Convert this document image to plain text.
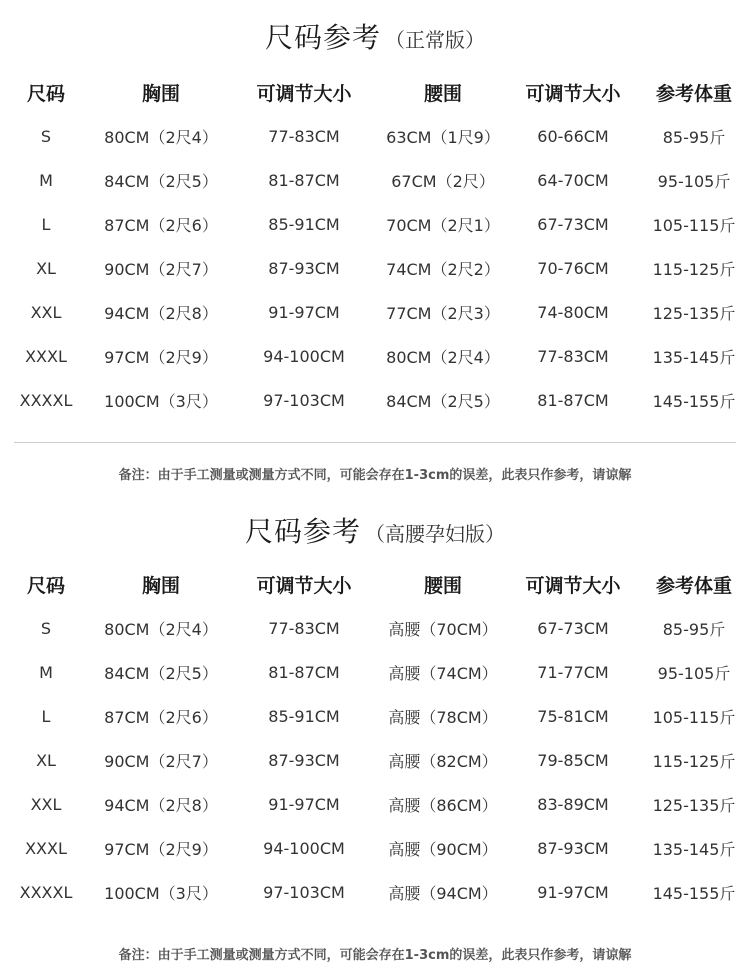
尺码参考 （正常版）
尺码	胸围	可调节大小	腰围	可调节大小	参考体重
S	80CM（2尺4）	77-83CM	63CM（1尺9）	60-66CM	85-95斤
M	84CM（2尺5）	81-87CM	67CM（2尺）	64-70CM	95-105斤
L	87CM（2尺6）	85-91CM	70CM（2尺1）	67-73CM	105-115斤
XL	90CM（2尺7）	87-93CM	74CM（2尺2）	70-76CM	115-125斤
XXL	94CM（2尺8）	91-97CM	77CM（2尺3）	74-80CM	125-135斤
XXXL	97CM（2尺9）	94-100CM	80CM（2尺4）	77-83CM	135-145斤
XXXXL	100CM（3尺）	97-103CM	84CM（2尺5）	81-87CM	145-155斤
备注：由于手工测量或测量方式不同，可能会存在1-3cm的误差，此表只作参考，请谅解
尺码参考 （高腰孕妇版）
尺码	胸围	可调节大小	腰围	可调节大小	参考体重
S	80CM（2尺4）	77-83CM	高腰（70CM）	67-73CM	85-95斤
M	84CM（2尺5）	81-87CM	高腰（74CM）	71-77CM	95-105斤
L	87CM（2尺6）	85-91CM	高腰（78CM）	75-81CM	105-115斤
XL	90CM（2尺7）	87-93CM	高腰（82CM）	79-85CM	115-125斤
XXL	94CM（2尺8）	91-97CM	高腰（86CM）	83-89CM	125-135斤
XXXL	97CM（2尺9）	94-100CM	高腰（90CM）	87-93CM	135-145斤
XXXXL	100CM（3尺）	97-103CM	高腰（94CM）	91-97CM	145-155斤
备注：由于手工测量或测量方式不同，可能会存在1-3cm的误差，此表只作参考，请谅解
